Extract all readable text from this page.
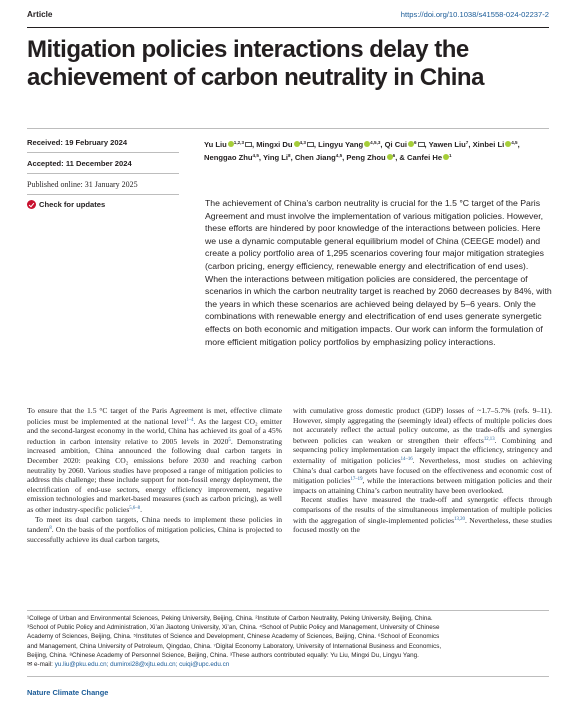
Article	https://doi.org/10.1038/s41558-024-02237-2
Mitigation policies interactions delay the achievement of carbon neutrality in China
Received: 19 February 2024
Accepted: 11 December 2024
Published online: 31 January 2025
Check for updates
Yu Liu $^{1,2,3}$ , Mingxi Du $^{4,3}$ , Lingyu Yang $^{4,5,3}$, Qi Cui $^6$ , Yawen Liu$^7$, Xinbei Li $^{4,5}$, Nenggao Zhu$^{4,5}$, Ying Li$^8$, Chen Jiang$^{4,5}$, Peng Zhou $^6$, & Canfei He $^1$
The achievement of China’s carbon neutrality is crucial for the 1.5 °C target of the Paris Agreement and must involve the implementation of various mitigation policies. However, these efforts are hindered by poor knowledge of the interactions between policies. Here we use a dynamic computable general equilibrium model of China (CEEGE model) and create a policy portfolio area of 1,295 scenarios covering four major mitigation strategies (carbon pricing, energy efficiency, renewable energy and electrification of end uses). When the interactions between mitigation policies are considered, the percentage of scenarios in which the carbon neutrality target is reached by 2060 decreases by 84%, with the years in which these scenarios are achieved being delayed by 5–6 years. Only the combinations with renewable energy and electrification of end uses generate synergetic effects on both economic and mitigation impacts. Our work can inform the formulation of more efficient mitigation policy portfolios by emphasizing policy interactions.

To ensure that the 1.5 °C target of the Paris Agreement is met, effective climate policies must be implemented at the national level$^{1-4}$. As the largest CO₂ emitter and the second-largest economy in the world, China has achieved its goal of a 45% reduction in carbon intensity relative to 2005 levels in 2020$^5$. Demonstrating increased ambition, China announced the following dual carbon targets in December 2020: peaking CO₂ emissions before 2030 and reaching carbon neutrality by 2060. Various studies have proposed a range of mitigation policies to address this challenge; these include support for non-fossil energy deployment, the electrification of end-use sectors, energy efficiency improvement, negative emission technologies and market-based measures (such as carbon pricing), as well as other industry-specific policies$^{5,6-8}$.

To meet its dual carbon targets, China needs to implement these policies in tandem$^8$. On the basis of the portfolios of mitigation policies, China is projected to successfully achieve its dual carbon targets,

with cumulative gross domestic product (GDP) losses of ~1.7–5.7% (refs. 9–11). However, simply aggregating the (seemingly ideal) effects of multiple policies does not accurately reflect the actual policy outcome, as the trade-offs and synergies between policies can weaken or strengthen their effects$^{12,13}$. Combining and sequencing policy implementation can largely impact the efficiency, stringency and externality of mitigation policies$^{14-16}$. Nevertheless, most studies on achieving China’s dual carbon targets have focused on the effectiveness and economic cost of mitigation policies$^{17-19}$, while the interactions between mitigation policies and their impacts on attaining China’s carbon neutrality have been overlooked.

Recent studies have measured the trade-off and synergetic effects through comparisons of the results of the simultaneous implementation of multiple policies with the aggregation of single-implemented policies$^{13,20}$. Nevertheless, these studies focused mostly on the

¹College of Urban and Environmental Sciences, Peking University, Beijing, China. ²Institute of Carbon Neutrality, Peking University, Beijing, China.
³School of Public Policy and Administration, Xi’an Jiaotong University, Xi’an, China. ⁴School of Public Policy and Management, University of Chinese
Academy of Sciences, Beijing, China. ⁵Institutes of Science and Development, Chinese Academy of Sciences, Beijing, China. ⁶School of Economics
and Management, China University of Petroleum, Qingdao, China. ⁷Digital Economy Laboratory, University of International Business and Economics,
Beijing, China. ⁸Chinese Academy of Personnel Science, Beijing, China. ³These authors contributed equally: Yu Liu, Mingxi Du, Lingyu Yang.
✉ e-mail: yu.liu@pku.edu.cn; duminxi28@xjtu.edu.cn; cuiqi@upc.edu.cn
Nature Climate Change
